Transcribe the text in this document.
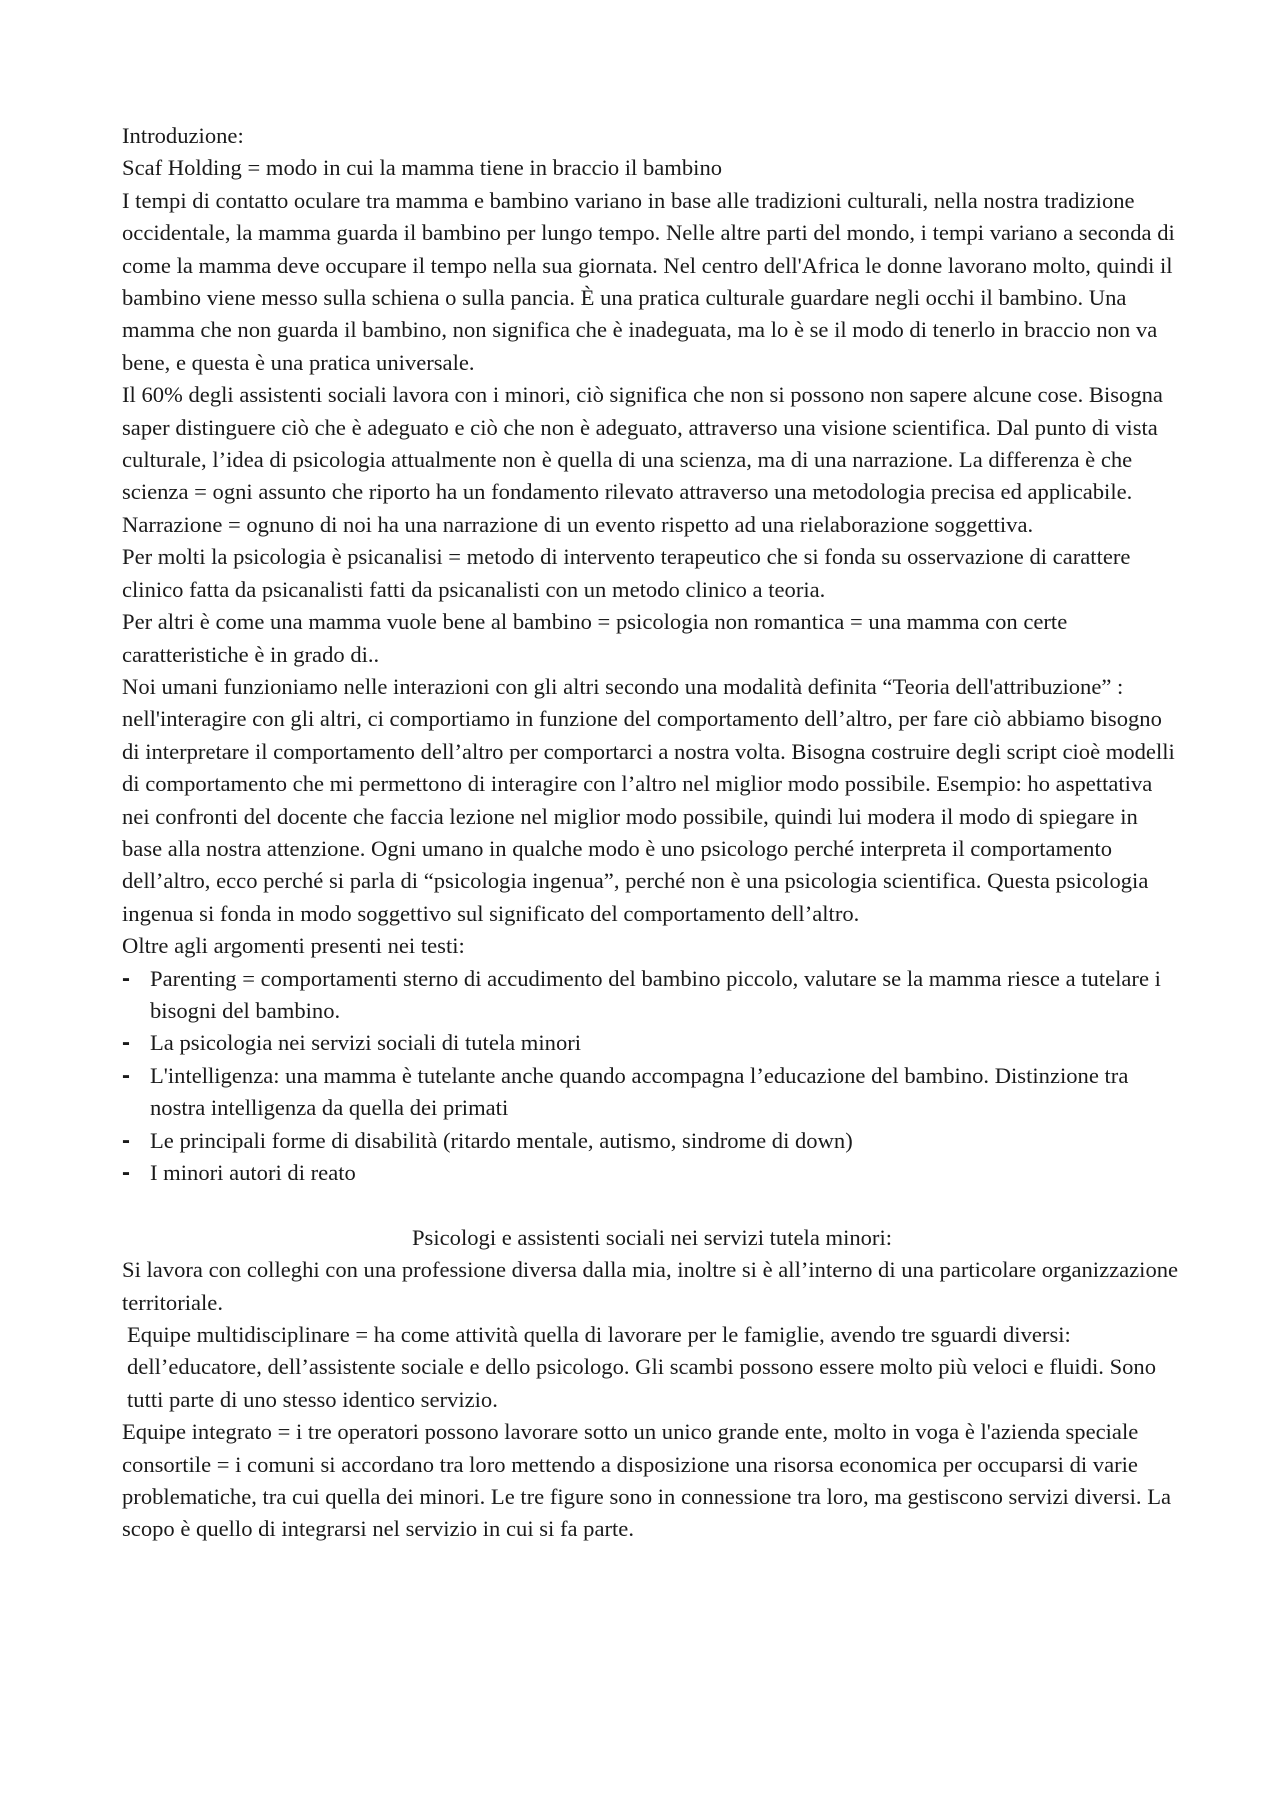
Introduzione:

Scaf Holding = modo in cui la mamma tiene in braccio il bambino

I tempi di contatto oculare tra mamma e bambino variano in base alle tradizioni culturali, nella nostra tradizione occidentale, la mamma guarda il bambino per lungo tempo. Nelle altre parti del mondo, i tempi variano a seconda di come la mamma deve occupare il tempo nella sua giornata. Nel centro dell'Africa le donne lavorano molto, quindi il bambino viene messo sulla schiena o sulla pancia. È una pratica culturale guardare negli occhi il bambino. Una mamma che non guarda il bambino, non significa che è inadeguata, ma lo è se il modo di tenerlo in braccio non va bene, e questa è una pratica universale.

Il 60% degli assistenti sociali lavora con i minori, ciò significa che non si possono non sapere alcune cose. Bisogna saper distinguere ciò che è adeguato e ciò che non è adeguato, attraverso una visione scientifica. Dal punto di vista culturale, l’idea di psicologia attualmente non è quella di una scienza, ma di una narrazione. La differenza è che scienza = ogni assunto che riporto ha un fondamento rilevato attraverso una metodologia precisa ed applicabile. Narrazione = ognuno di noi ha una narrazione di un evento rispetto ad una rielaborazione soggettiva.

Per molti la psicologia è psicanalisi = metodo di intervento terapeutico che si fonda su osservazione di carattere clinico fatta da psicanalisti fatti da psicanalisti con un metodo clinico a teoria.

Per altri è come una mamma vuole bene al bambino = psicologia non romantica = una mamma con certe caratteristiche è in grado di..

Noi umani funzioniamo nelle interazioni con gli altri secondo una modalità definita “Teoria dell'attribuzione” : nell'interagire con gli altri, ci comportiamo in funzione del comportamento dell’altro, per fare ciò abbiamo bisogno di interpretare il comportamento dell’altro per comportarci a nostra volta. Bisogna costruire degli script cioè modelli di comportamento che mi permettono di interagire con l’altro nel miglior modo possibile. Esempio: ho aspettativa nei confronti del docente che faccia lezione nel miglior modo possibile, quindi lui modera il modo di spiegare in base alla nostra attenzione. Ogni umano in qualche modo è uno psicologo perché interpreta il comportamento dell’altro, ecco perché si parla di “psicologia ingenua”, perché non è una psicologia scientifica. Questa psicologia ingenua si fonda in modo soggettivo sul significato del comportamento dell’altro.

Oltre agli argomenti presenti nei testi:

- Parenting = comportamenti sterno di accudimento del bambino piccolo, valutare se la mamma riesce a tutelare i bisogni del bambino.
- La psicologia nei servizi sociali di tutela minori
- L'intelligenza: una mamma è tutelante anche quando accompagna l’educazione del bambino. Distinzione tra nostra intelligenza da quella dei primati
- Le principali forme di disabilità (ritardo mentale, autismo, sindrome di down)
- I minori autori di reato

Psicologi e assistenti sociali nei servizi tutela minori:

Si lavora con colleghi con una professione diversa dalla mia, inoltre si è all’interno di una particolare organizzazione territoriale.

Equipe multidisciplinare = ha come attività quella di lavorare per le famiglie, avendo tre sguardi diversi: dell’educatore, dell’assistente sociale e dello psicologo. Gli scambi possono essere molto più veloci e fluidi. Sono tutti parte di uno stesso identico servizio.

Equipe integrato = i tre operatori possono lavorare sotto un unico grande ente, molto in voga è l'azienda speciale consortile = i comuni si accordano tra loro mettendo a disposizione una risorsa economica per occuparsi di varie problematiche, tra cui quella dei minori. Le tre figure sono in connessione tra loro, ma gestiscono servizi diversi. La scopo è quello di integrarsi nel servizio in cui si fa parte.
